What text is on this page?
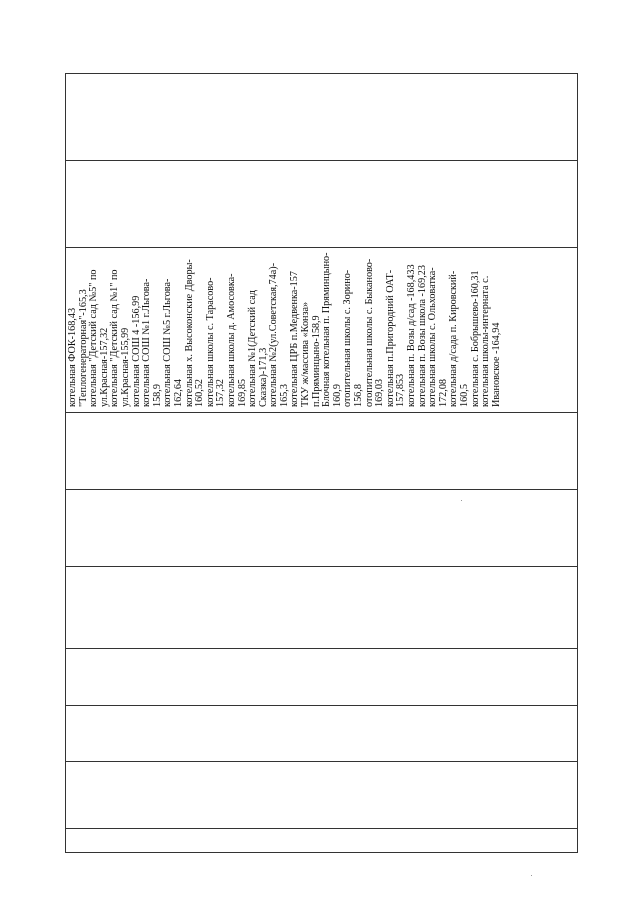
котельная ФОК-168,43 "Теплогенераторная"-165,3 котельная "Детский сад №5" по ул.Красная-157,32 котельная "Детский сад №1" по ул.Красная-155,99 котельная СОШ 4 -156,99 котельная СОШ №1 г.Льгова- 158,9 котельная СОШ №5 г.Льгова- 162,64 котельная х. Высоконские Дворы- 160,52 котельная школы с. Тарасово- 157,32 котельная школы д. Амосовка- 169,85 котельная №1(Детский сад Сказка)-171,3 котельная №2(ул.Советская,74а)- 165,3 котельная ЦРБ п.Медвенка-157 ТКУ ж/массива «Конза» п.Пряминцыно-158,9 Блочная котельная п. Пряминцыно- 160,9 отопительная школы с. Зорино- 156,8 отопительная школы с. Быканово- 169,03 котельная п.Пригородний ОАТ- 157,853 котельная п. Возы д/сад -168,433 котельная п. Возы школа -169,23 котельная школы с. Ольховатка- 172,08 котельная д/сада п. Кировский- 160,5 котельная с. Бобрышево-160,31 котельная школы-интерната с. Ивановское -164,94
